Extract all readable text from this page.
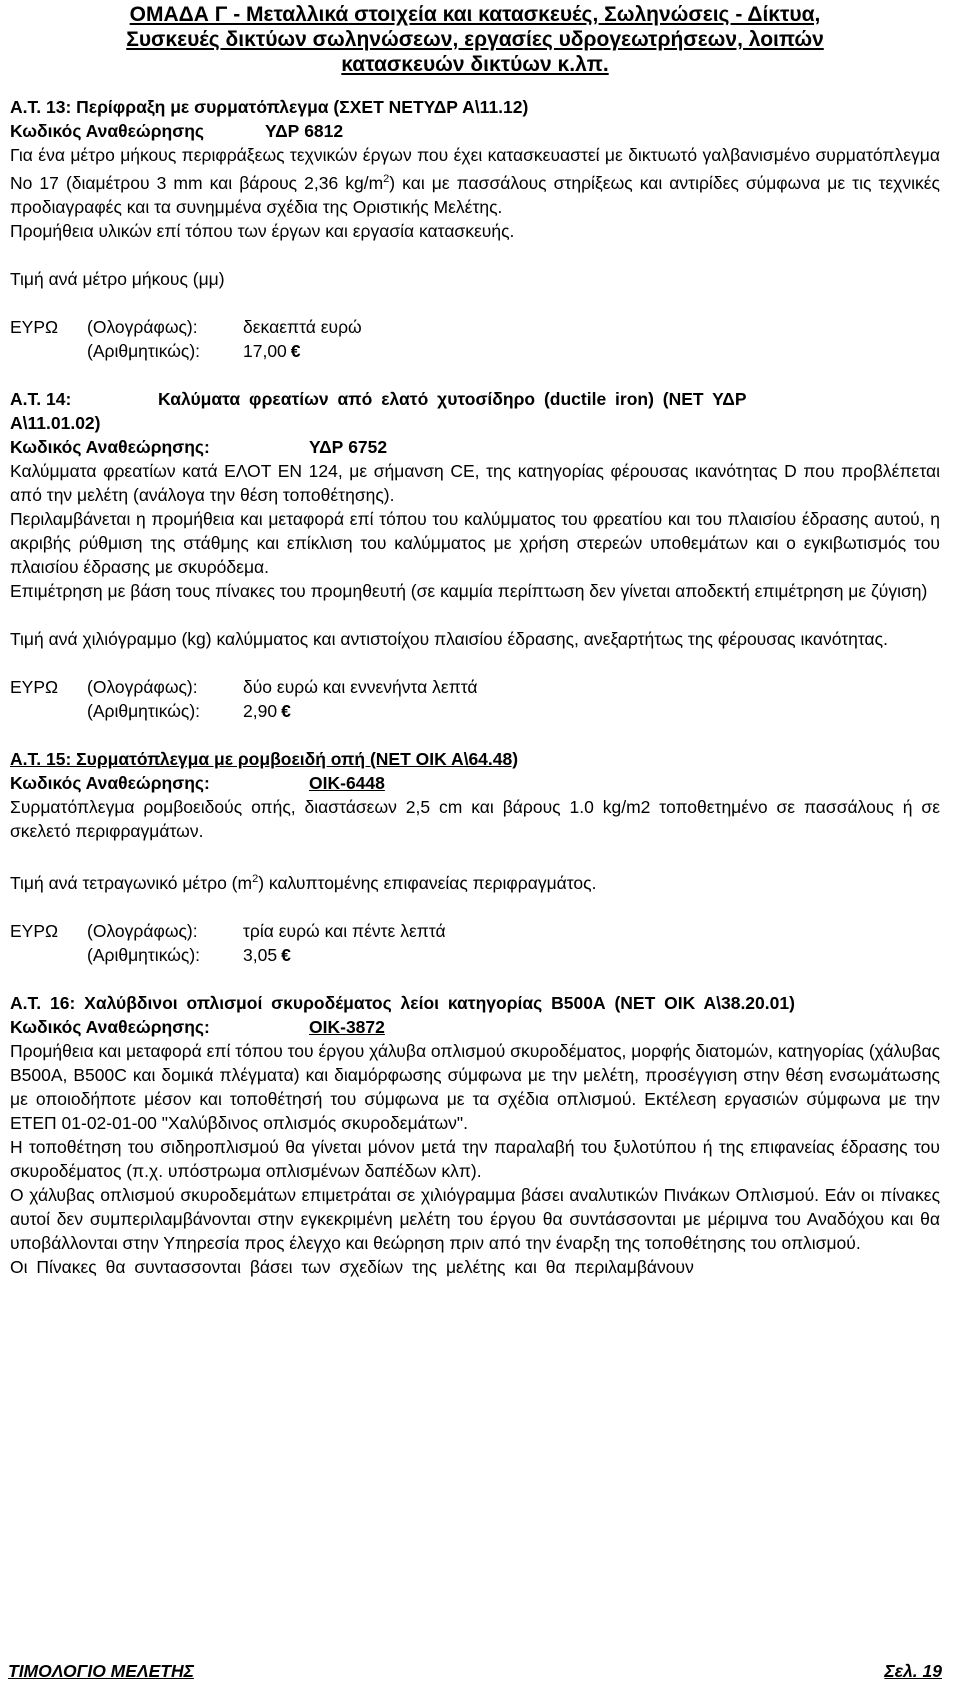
ΟΜΑΔΑ Γ - Μεταλλικά στοιχεία και κατασκευές, Σωληνώσεις - Δίκτυα,
Συσκευές δικτύων σωληνώσεων, εργασίες υδρογεωτρήσεων, λοιπών
κατασκευών δικτύων κ.λπ.

Α.Τ. 13: Περίφραξη με συρματόπλεγμα (ΣΧΕΤ ΝΕΤΥΔΡ Α\11.12)

Κωδικός Αναθεώρησης	ΥΔΡ 6812

Για ένα μέτρο μήκους περιφράξεως τεχνικών έργων που έχει κατασκευαστεί με δικτυωτό γαλβανισμένο συρματόπλεγμα Νο 17 (διαμέτρου 3 mm και βάρους 2,36 $kg/m^2$) και με πασσάλους στηρίξεως και αντιρίδες σύμφωνα με τις τεχνικές προδιαγραφές και τα συνημμένα σχέδια της Οριστικής Μελέτης.

Προμήθεια υλικών επί τόπου των έργων και εργασία κατασκευής.

Τιμή ανά μέτρο μήκους (μμ)

ΕΥΡΩ	(Ολογράφως):	δεκαεπτά ευρώ
(Αριθμητικώς):	17,00 €
Α.Τ. 14:	Καλύματα φρεατίων από ελατό χυτοσίδηρο (ductile iron) (ΝΕΤ ΥΔΡ

Α\11.01.02)

Κωδικός Αναθεώρησης:	ΥΔΡ 6752

Καλύμματα φρεατίων κατά ΕΛΟΤ ΕΝ 124, με σήμανση CE, της κατηγορίας φέρουσας ικανότητας D που προβλέπεται από την μελέτη (ανάλογα την θέση τοποθέτησης).

Περιλαμβάνεται η προμήθεια και μεταφορά επί τόπου του καλύμματος του φρεατίου και του πλαισίου έδρασης αυτού, η ακριβής ρύθμιση της στάθμης και επίκλιση του καλύμματος με χρήση στερεών υποθεμάτων και ο εγκιβωτισμός του πλαισίου έδρασης με σκυρόδεμα.

Επιμέτρηση με βάση τους πίνακες του προμηθευτή (σε καμμία περίπτωση δεν γίνεται αποδεκτή επιμέτρηση με ζύγιση)

Τιμή ανά χιλιόγραμμο (kg) καλύμματος και αντιστοίχου πλαισίου έδρασης, ανεξαρτήτως της φέρουσας ικανότητας.

ΕΥΡΩ	(Ολογράφως):	δύο ευρώ και εννενήντα λεπτά
(Αριθμητικώς):	2,90 €

Α.Τ. 15: Συρματόπλεγμα με ρομβοειδή οπή (ΝΕΤ ΟΙΚ Α\64.48)

Κωδικός Αναθεώρησης:	ΟΙΚ-6448

Συρματόπλεγμα ρομβοειδούς οπής, διαστάσεων 2,5 cm και βάρους 1.0 kg/m2 τοποθετημένο σε πασσάλους ή σε σκελετό περιφραγμάτων.

Τιμή ανά τετραγωνικό μέτρο $(m^2)$ καλυπτομένης επιφανείας περιφραγμάτος.

ΕΥΡΩ	(Ολογράφως):	τρία ευρώ και πέντε λεπτά
(Αριθμητικώς):	3,05 €

Α.Τ. 16: Χαλύβδινοι οπλισμοί σκυροδέματος λείοι κατηγορίας Β500Α (ΝΕΤ ΟΙΚ Α\38.20.01)

Κωδικός Αναθεώρησης:	ΟΙΚ-3872

Προμήθεια και μεταφορά επί τόπου του έργου χάλυβα οπλισμού σκυροδέματος, μορφής διατομών, κατηγορίας (χάλυβας Β500Α, Β500C και δομικά πλέγματα) και διαμόρφωσης σύμφωνα με την μελέτη, προσέγγιση στην θέση ενσωμάτωσης με οποιοδήποτε μέσον και τοποθέτησή του σύμφωνα με τα σχέδια οπλισμού. Εκτέλεση εργασιών σύμφωνα με την ΕΤΕΠ 01-02-01-00 "Χαλύβδινος οπλισμός σκυροδεμάτων".

Η τοποθέτηση του σιδηροπλισμού θα γίνεται μόνον μετά την παραλαβή του ξυλοτύπου ή της επιφανείας έδρασης του σκυροδέματος (π.χ. υπόστρωμα οπλισμένων δαπέδων κλπ).

Ο χάλυβας οπλισμού σκυροδεμάτων επιμετράται σε χιλιόγραμμα βάσει αναλυτικών Πινάκων Οπλισμού. Εάν οι πίνακες αυτοί δεν συμπεριλαμβάνονται στην εγκεκριμένη μελέτη του έργου θα συντάσσονται με μέριμνα του Αναδόχου και θα υποβάλλονται στην Υπηρεσία προς έλεγχο και θεώρηση πριν από την έναρξη της τοποθέτησης του οπλισμού.

Οι Πίνακες θα συντασσονται βάσει των σχεδίων της μελέτης και θα περιλαμβάνουν

ΤΙΜΟΛΟΓΙΟ ΜΕΛΕΤΗΣ	Σελ. 19
